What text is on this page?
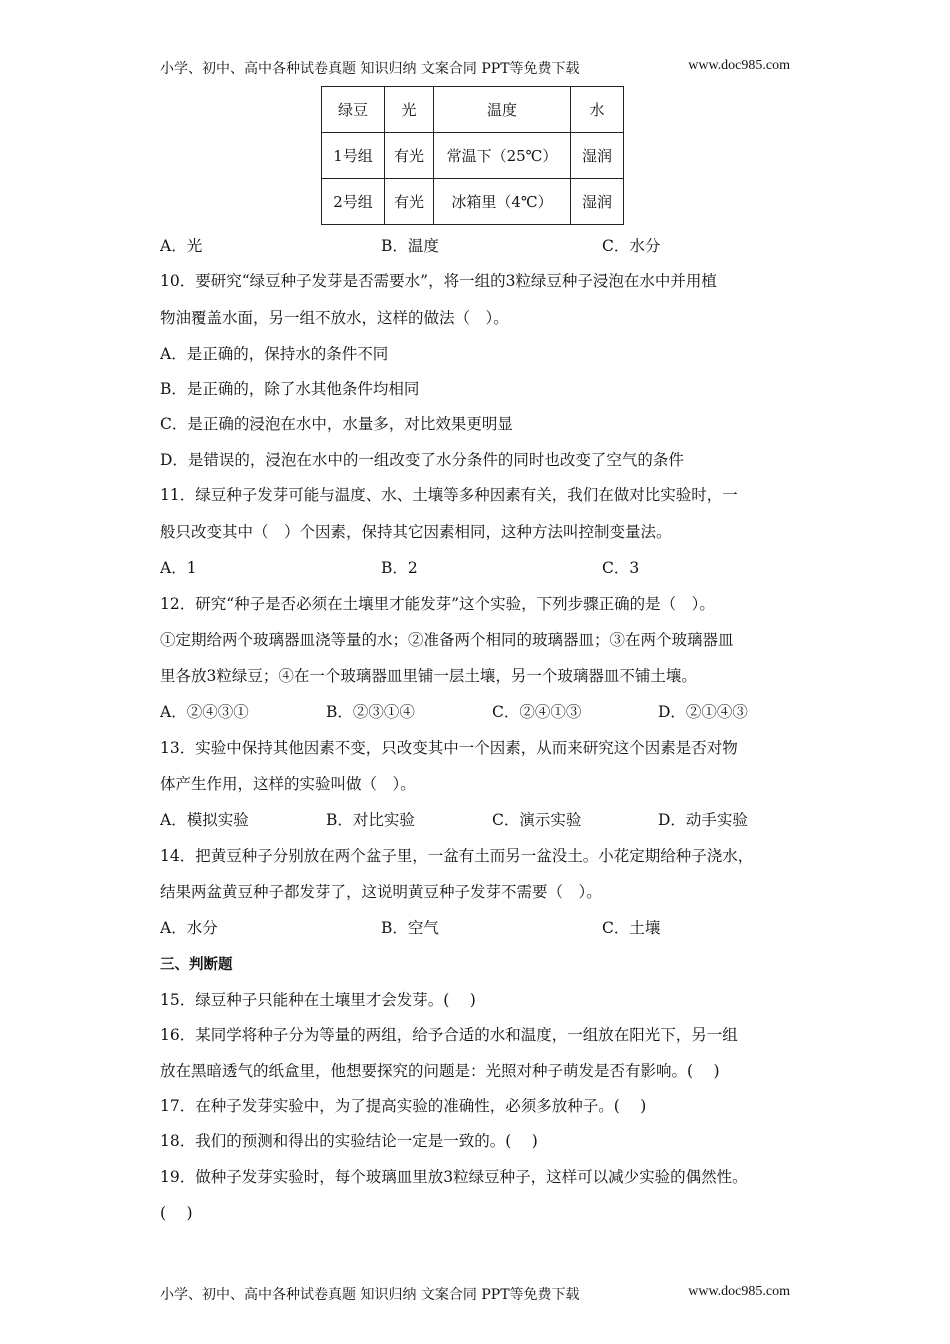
小学、初中、高中各种试卷真题 知识归纳 文案合同 PPT等免费下载	www.doc985.com
绿豆	光	温度	水
1号组	有光	常温下（25℃）	湿润
2号组	有光	冰箱里（4℃）	湿润
A．光	B．温度	C．水分
10．要研究“绿豆种子发芽是否需要水”，将一组的3粒绿豆种子浸泡在水中并用植
物油覆盖水面，另一组不放水，这样的做法（　）。
A．是正确的，保持水的条件不同
B．是正确的，除了水其他条件均相同
C．是正确的浸泡在水中，水量多，对比效果更明显
D．是错误的，浸泡在水中的一组改变了水分条件的同时也改变了空气的条件
11．绿豆种子发芽可能与温度、水、土壤等多种因素有关，我们在做对比实验时，一
般只改变其中（　）个因素，保持其它因素相同，这种方法叫控制变量法。
A．1	B．2	C．3
12．研究“种子是否必须在土壤里才能发芽”这个实验，下列步骤正确的是（　）。
①定期给两个玻璃器皿浇等量的水；②准备两个相同的玻璃器皿；③在两个玻璃器皿
里各放3粒绿豆；④在一个玻璃器皿里铺一层土壤，另一个玻璃器皿不铺土壤。
A．②④③①	B．②③①④	C．②④①③	D．②①④③
13．实验中保持其他因素不变，只改变其中一个因素，从而来研究这个因素是否对物
体产生作用，这样的实验叫做（　）。
A．模拟实验	B．对比实验	C．演示实验	D．动手实验
14．把黄豆种子分别放在两个盆子里，一盆有土而另一盆没土。小花定期给种子浇水，
结果两盆黄豆种子都发芽了，这说明黄豆种子发芽不需要（　）。
A．水分	B．空气	C．土壤
三、判断题
15．绿豆种子只能种在土壤里才会发芽。(　 )
16．某同学将种子分为等量的两组，给予合适的水和温度，一组放在阳光下，另一组
放在黑暗透气的纸盒里，他想要探究的问题是：光照对种子萌发是否有影响。(　 )
17．在种子发芽实验中，为了提高实验的准确性，必须多放种子。(　 )
18．我们的预测和得出的实验结论一定是一致的。(　 )
19．做种子发芽实验时，每个玻璃皿里放3粒绿豆种子，这样可以减少实验的偶然性。
(　 )
小学、初中、高中各种试卷真题 知识归纳 文案合同 PPT等免费下载	www.doc985.com
